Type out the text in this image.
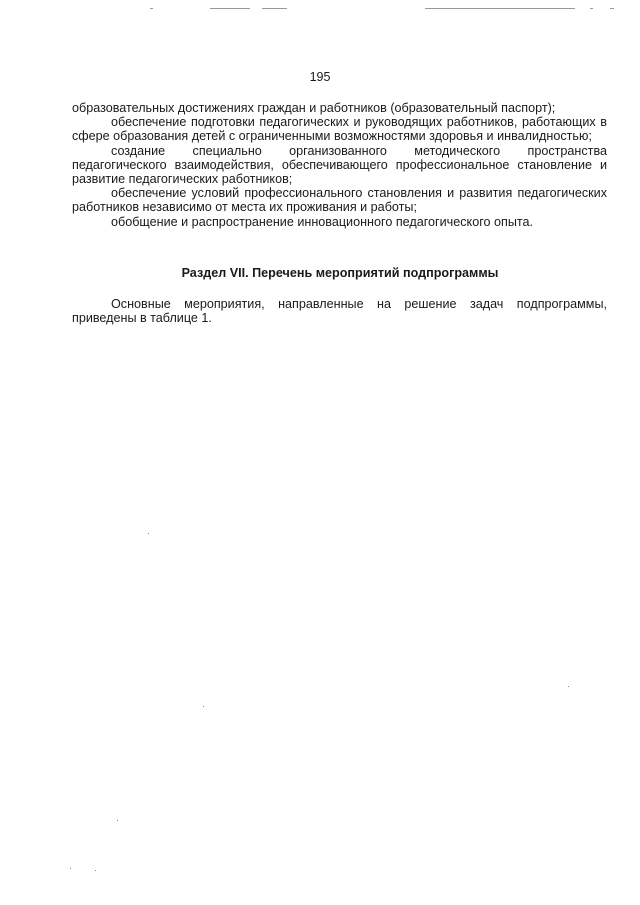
195

образовательных достижениях граждан и работников (образовательный паспорт);

обеспечение подготовки педагогических и руководящих работников, работающих в сфере образования детей с ограниченными возможностями здоровья и инвалидностью;

создание специально организованного методического пространства педагогического взаимодействия, обеспечивающего профессиональное становление и развитие педагогических работников;

обеспечение условий профессионального становления и развития педагогических работников независимо от места их проживания и работы;

обобщение и распространение инновационного педагогического опыта.

Раздел VII. Перечень мероприятий подпрограммы

Основные мероприятия, направленные на решение задач подпрограммы, приведены в таблице 1.
